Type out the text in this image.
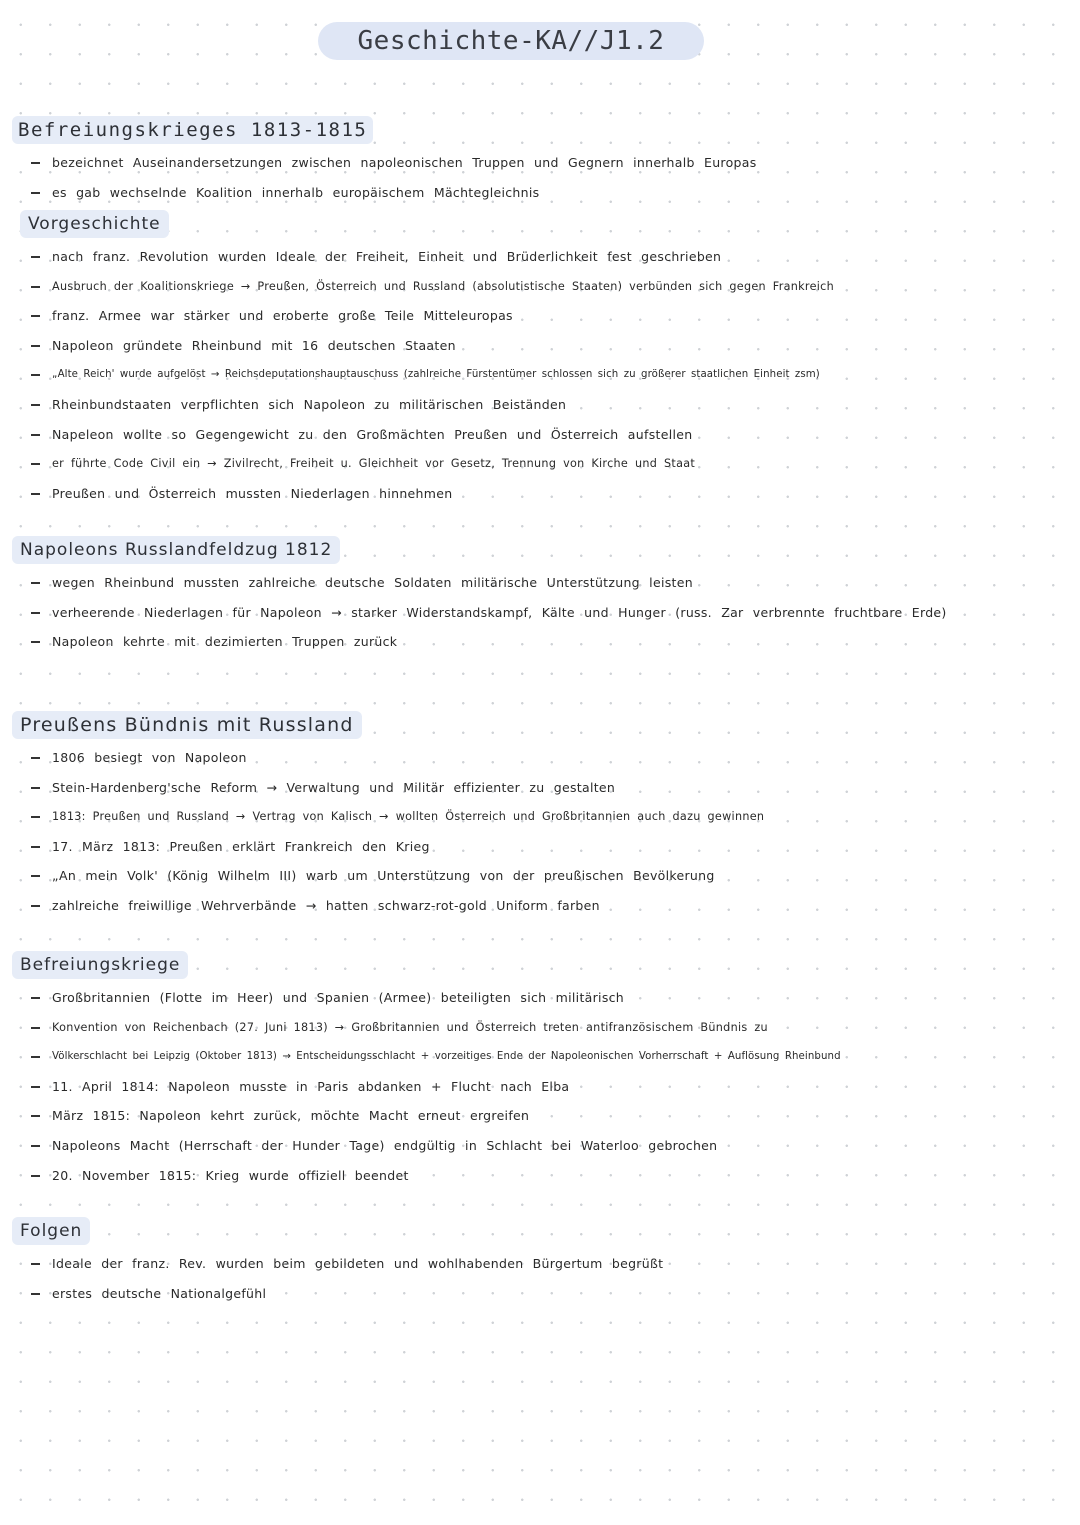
Geschichte-KA//J1.2
Befreiungskrieges 1813-1815
bezeichnet Auseinandersetzungen zwischen napoleonischen Truppen und Gegnern innerhalb Europas
es gab wechselnde Koalition innerhalb europäischem Mächtegleichnis
Vorgeschichte
nach franz. Revolution wurden Ideale der Freiheit, Einheit und Brüderlichkeit fest geschrieben
Ausbruch der Koalitionskriege → Preußen, Österreich und Russland (absolutistische Staaten) verbünden sich gegen Frankreich
franz. Armee war stärker und eroberte große Teile Mitteleuropas
Napoleon gründete Rheinbund mit 16 deutschen Staaten
„Alte Reich' wurde aufgelöst → Reichsdeputationshauptauschuss (zahlreiche Fürstentümer schlossen sich zu größerer staatlichen Einheit zsm)
Rheinbundstaaten verpflichten sich Napoleon zu militärischen Beiständen
Napeleon wollte so Gegengewicht zu den Großmächten Preußen und Österreich aufstellen
er führte Code Civil ein → Zivilrecht, Freiheit u. Gleichheit vor Gesetz, Trennung von Kirche und Staat
Preußen und Österreich mussten Niederlagen hinnehmen
Napoleons Russlandfeldzug 1812
wegen Rheinbund mussten zahlreiche deutsche Soldaten militärische Unterstützung leisten
verheerende Niederlagen für Napoleon → starker Widerstandskampf, Kälte und Hunger (russ. Zar verbrennte fruchtbare Erde)
Napoleon kehrte mit dezimierten Truppen zurück
Preußens Bündnis mit Russland
1806 besiegt von Napoleon
Stein-Hardenberg'sche Reform → Verwaltung und Militär effizienter zu gestalten
1813: Preußen und Russland → Vertrag von Kalisch → wollten Österreich und Großbritannien auch dazu gewinnen
17. März 1813: Preußen erklärt Frankreich den Krieg
„An mein Volk' (König Wilhelm III) warb um Unterstützung von der preußischen Bevölkerung
zahlreiche freiwillige Wehrverbände → hatten schwarz-rot-gold Uniform farben
Befreiungskriege
Großbritannien (Flotte im Heer) und Spanien (Armee) beteiligten sich militärisch
Konvention von Reichenbach (27. Juni 1813) → Großbritannien und Österreich treten antifranzösischem Bündnis zu
Völkerschlacht bei Leipzig (Oktober 1813) → Entscheidungsschlacht + vorzeitiges Ende der Napoleonischen Vorherrschaft + Auflösung Rheinbund
11. April 1814: Napoleon musste in Paris abdanken + Flucht nach Elba
März 1815: Napoleon kehrt zurück, möchte Macht erneut ergreifen
Napoleons Macht (Herrschaft der Hunder Tage) endgültig in Schlacht bei Waterloo gebrochen
20. November 1815: Krieg wurde offiziell beendet
Folgen
Ideale der franz. Rev. wurden beim gebildeten und wohlhabenden Bürgertum begrüßt
erstes deutsche Nationalgefühl
